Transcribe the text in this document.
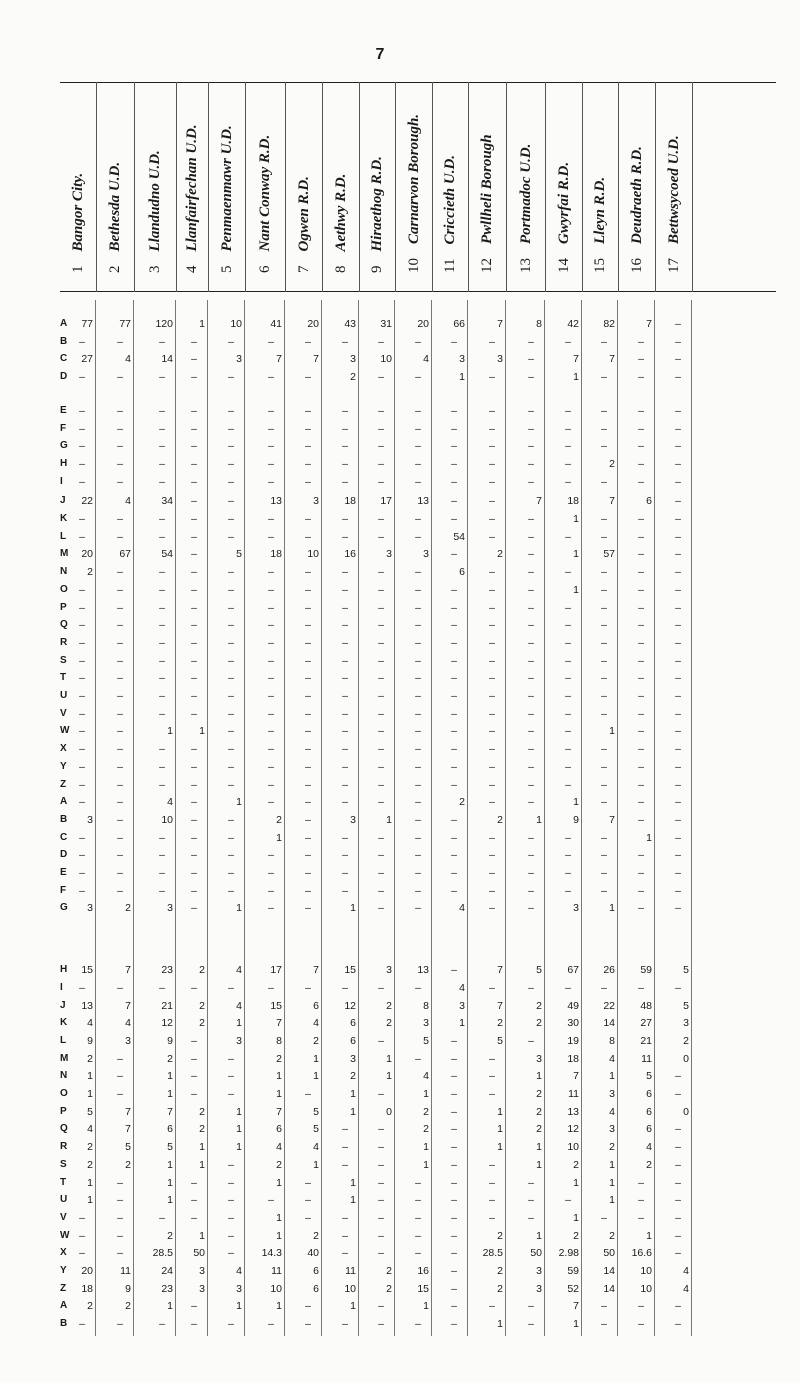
7
1Bangor City.
2Bethesda U.D.
3Llandudno U.D.
4Llanfairfechan U.D.
5Penmaenmawr U.D.
6Nant Conway R.D.
7Ogwen R.D.
8Aethwy R.D.
9Hiraethog R.D.
10Carnarvon Borough.
11Criccieth U.D.
12Pwllheli Borough
13Portmadoc U.D.
14Gwyrfai R.D.
15Lleyn R.D.
16Deudraeth R.D.
17Bettwsycoed U.D.
A	77	77	120	1	10	41	20	43	31	20	66	7	8	42	82	7	–
B	–	–	–	–	–	–	–	–	–	–	–	–	–	–	–	–	–
C	27	4	14	–	3	7	7	3	10	4	3	3	–	7	7	–	–
D	–	–	–	–	–	–	–	2	–	–	1	–	–	1	–	–	–
E	–	–	–	–	–	–	–	–	–	–	–	–	–	–	–	–	–
F	–	–	–	–	–	–	–	–	–	–	–	–	–	–	–	–	–
G	–	–	–	–	–	–	–	–	–	–	–	–	–	–	–	–	–
H	–	–	–	–	–	–	–	–	–	–	–	–	–	–	2	–	–
I	–	–	–	–	–	–	–	–	–	–	–	–	–	–	–	–	–
J	22	4	34	–	–	13	3	18	17	13	–	–	7	18	7	6	–
K	–	–	–	–	–	–	–	–	–	–	–	–	–	1	–	–	–
L	–	–	–	–	–	–	–	–	–	–	54	–	–	–	–	–	–
M	20	67	54	–	5	18	10	16	3	3	–	2	–	1	57	–	–
N	2	–	–	–	–	–	–	–	–	–	6	–	–	–	–	–	–
O	–	–	–	–	–	–	–	–	–	–	–	–	–	1	–	–	–
P	–	–	–	–	–	–	–	–	–	–	–	–	–	–	–	–	–
Q	–	–	–	–	–	–	–	–	–	–	–	–	–	–	–	–	–
R	–	–	–	–	–	–	–	–	–	–	–	–	–	–	–	–	–
S	–	–	–	–	–	–	–	–	–	–	–	–	–	–	–	–	–
T	–	–	–	–	–	–	–	–	–	–	–	–	–	–	–	–	–
U	–	–	–	–	–	–	–	–	–	–	–	–	–	–	–	–	–
V	–	–	–	–	–	–	–	–	–	–	–	–	–	–	–	–	–
W –	–	1	1	–	–	–	–	–	–	–	–	–	–	1	–	–
X	–	–	–	–	–	–	–	–	–	–	–	–	–	–	–	–	–
Y	–	–	–	–	–	–	–	–	–	–	–	–	–	–	–	–	–
Z	–	–	–	–	–	–	–	–	–	–	–	–	–	–	–	–	–
A	–	–	4	–	1	–	–	–	–	–	2	–	–	1	–	–	–
B	3	–	10	–	–	2	–	3	1	–	–	2	1	9	7	–	–
C	–	–	–	–	–	1	–	–	–	–	–	–	–	–	–	1	–
D	–	–	–	–	–	–	–	–	–	–	–	–	–	–	–	–	–
E	–	–	–	–	–	–	–	–	–	–	–	–	–	–	–	–	–
F	–	–	–	–	–	–	–	–	–	–	–	–	–	–	–	–	–
G	3	2	3	–	1	–	–	1	–	–	4	–	–	3	1	–	–
H	15	7	23	2	4	17	7	15	3	13	–	7	5	67	26	59	5
I	–	–	–	–	–	–	–	–	–	–	4	–	–	–	–	–	–
J	13	7	21	2	4	15	6	12	2	8	3	7	2	49	22	48	5
K	4	4	12	2	1	7	4	6	2	3	1	2	2	30	14	27	3
L	9	3	9	–	3	8	2	6	–	5	–	5	–	19	8	21	2
M	2	–	2	–	–	2	1	3	1	–	–	–	3	18	4	11	0
N	1	–	1	–	–	1	1	2	1	4	–	–	1	7	1	5	–
O	1	–	1	–	–	1	–	1	–	1	–	–	2	11	3	6	–
P	5	7	7	2	1	7	5	1	0	2	–	1	2	13	4	6	0
Q	4	7	6	2	1	6	5	–	–	2	–	1	2	12	3	6	–
R	2	5	5	1	1	4	4	–	–	1	–	1	1	10	2	4	–
S	2	2	1	1	–	2	1	–	–	1	–	–	1	2	1	2	–
T	1	–	1	–	–	1	–	1	–	–	–	–	–	1	1	–	–
U	1	–	1	–	–	–	–	1	–	–	–	–	–	–	1	–	–
V	–	–	–	–	–	1	–	–	–	–	–	–	–	1	–	–	–
W –	–	2	1	–	1	2	–	–	–	–	2	1	2	2	1	–
X	–	–	28.5	50	–	14.3	40	–	–	–	–	28.5	50	2.98	50	16.6	–
Y	20	11	24	3	4	11	6	11	2	16	–	2	3	59	14	10	4
Z	18	9	23	3	3	10	6	10	2	15	–	2	3	52	14	10	4
A	2	2	1	–	1	1	–	1	–	1	–	–	–	7	–	–	–
B	–	–	–	–	–	–	–	–	–	–	–	1	–	1	–	–	–
